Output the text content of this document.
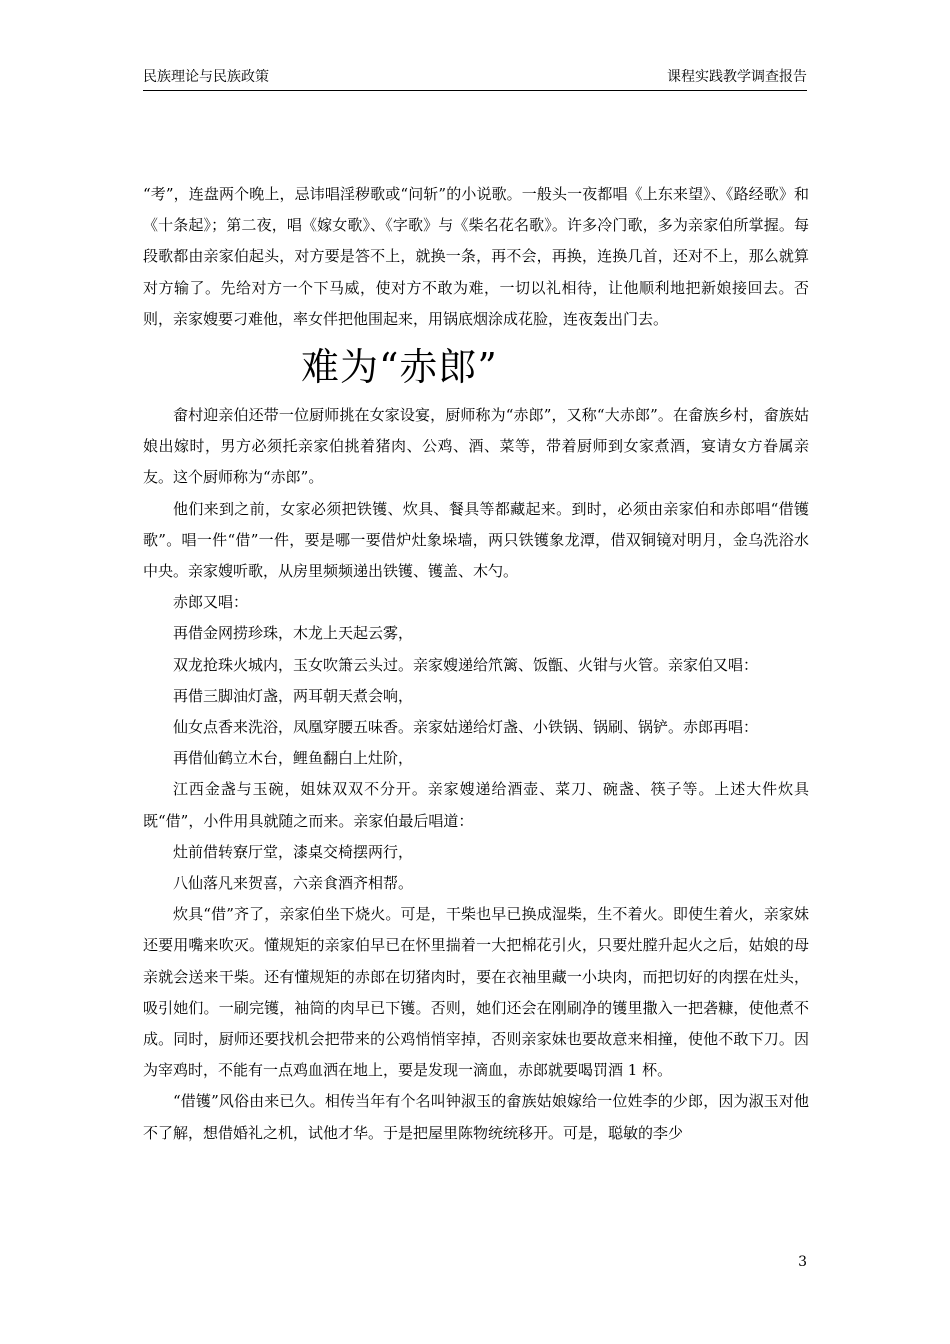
民族理论与民族政策	课程实践教学调查报告

“考”，连盘两个晚上，忌讳唱淫秽歌或“问斩”的小说歌。一般头一夜都唱《上东来望》、《路经歌》和《十条起》；第二夜，唱《嫁女歌》、《字歌》与《柴名花名歌》。许多冷门歌，多为亲家伯所掌握。每段歌都由亲家伯起头，对方要是答不上，就换一条，再不会，再换，连换几首，还对不上，那么就算对方输了。先给对方一个下马威，使对方不敢为难，一切以礼相待，让他顺利地把新娘接回去。否则，亲家嫂要刁难他，率女伴把他围起来，用锅底烟涂成花脸，连夜轰出门去。

难为“赤郎”

畲村迎亲伯还带一位厨师挑在女家设宴，厨师称为“赤郎”，又称“大赤郎”。在畲族乡村，畲族姑娘出嫁时，男方必须托亲家伯挑着猪肉、公鸡、酒、菜等，带着厨师到女家煮酒，宴请女方眷属亲友。这个厨师称为“赤郎”。

他们来到之前，女家必须把铁镬、炊具、餐具等都藏起来。到时，必须由亲家伯和赤郎唱“借镬歌”。唱一件“借”一件，要是哪一要借炉灶象垛墙，两只铁镬象龙潭，借双铜镜对明月，金乌洗浴水中央。亲家嫂听歌，从房里频频递出铁镬、镬盖、木勺。

赤郎又唱：

再借金网捞珍珠，木龙上天起云雾，

双龙抢珠火城内，玉女吹箫云头过。亲家嫂递给笊篱、饭甑、火钳与火管。亲家伯又唱：

再借三脚油灯盏，两耳朝天煮会响，

仙女点香来洗浴，凤凰穿腰五味香。亲家姑递给灯盏、小铁锅、锅刷、锅铲。赤郎再唱：

再借仙鹤立木台，鲤鱼翻白上灶阶，

江西金盏与玉碗，姐妹双双不分开。亲家嫂递给酒壶、菜刀、碗盏、筷子等。上述大件炊具既“借”，小件用具就随之而来。亲家伯最后唱道：

灶前借转寮厅堂，漆桌交椅摆两行，

八仙落凡来贺喜，六亲食酒齐相帮。

炊具“借”齐了，亲家伯坐下烧火。可是，干柴也早已换成湿柴，生不着火。即使生着火，亲家妹还要用嘴来吹灭。懂规矩的亲家伯早已在怀里揣着一大把棉花引火，只要灶膛升起火之后，姑娘的母亲就会送来干柴。还有懂规矩的赤郎在切猪肉时，要在衣袖里藏一小块肉，而把切好的肉摆在灶头，吸引她们。一刷完镬，袖筒的肉早已下镬。否则，她们还会在刚刷净的镬里撒入一把砻糠，使他煮不成。同时，厨师还要找机会把带来的公鸡悄悄宰掉，否则亲家妹也要故意来相撞，使他不敢下刀。因为宰鸡时，不能有一点鸡血洒在地上，要是发现一滴血，赤郎就要喝罚酒 1 杯。

“借镬”风俗由来已久。相传当年有个名叫钟淑玉的畲族姑娘嫁给一位姓李的少郎，因为淑玉对他不了解，想借婚礼之机，试他才华。于是把屋里陈物统统移开。可是，聪敏的李少

3
